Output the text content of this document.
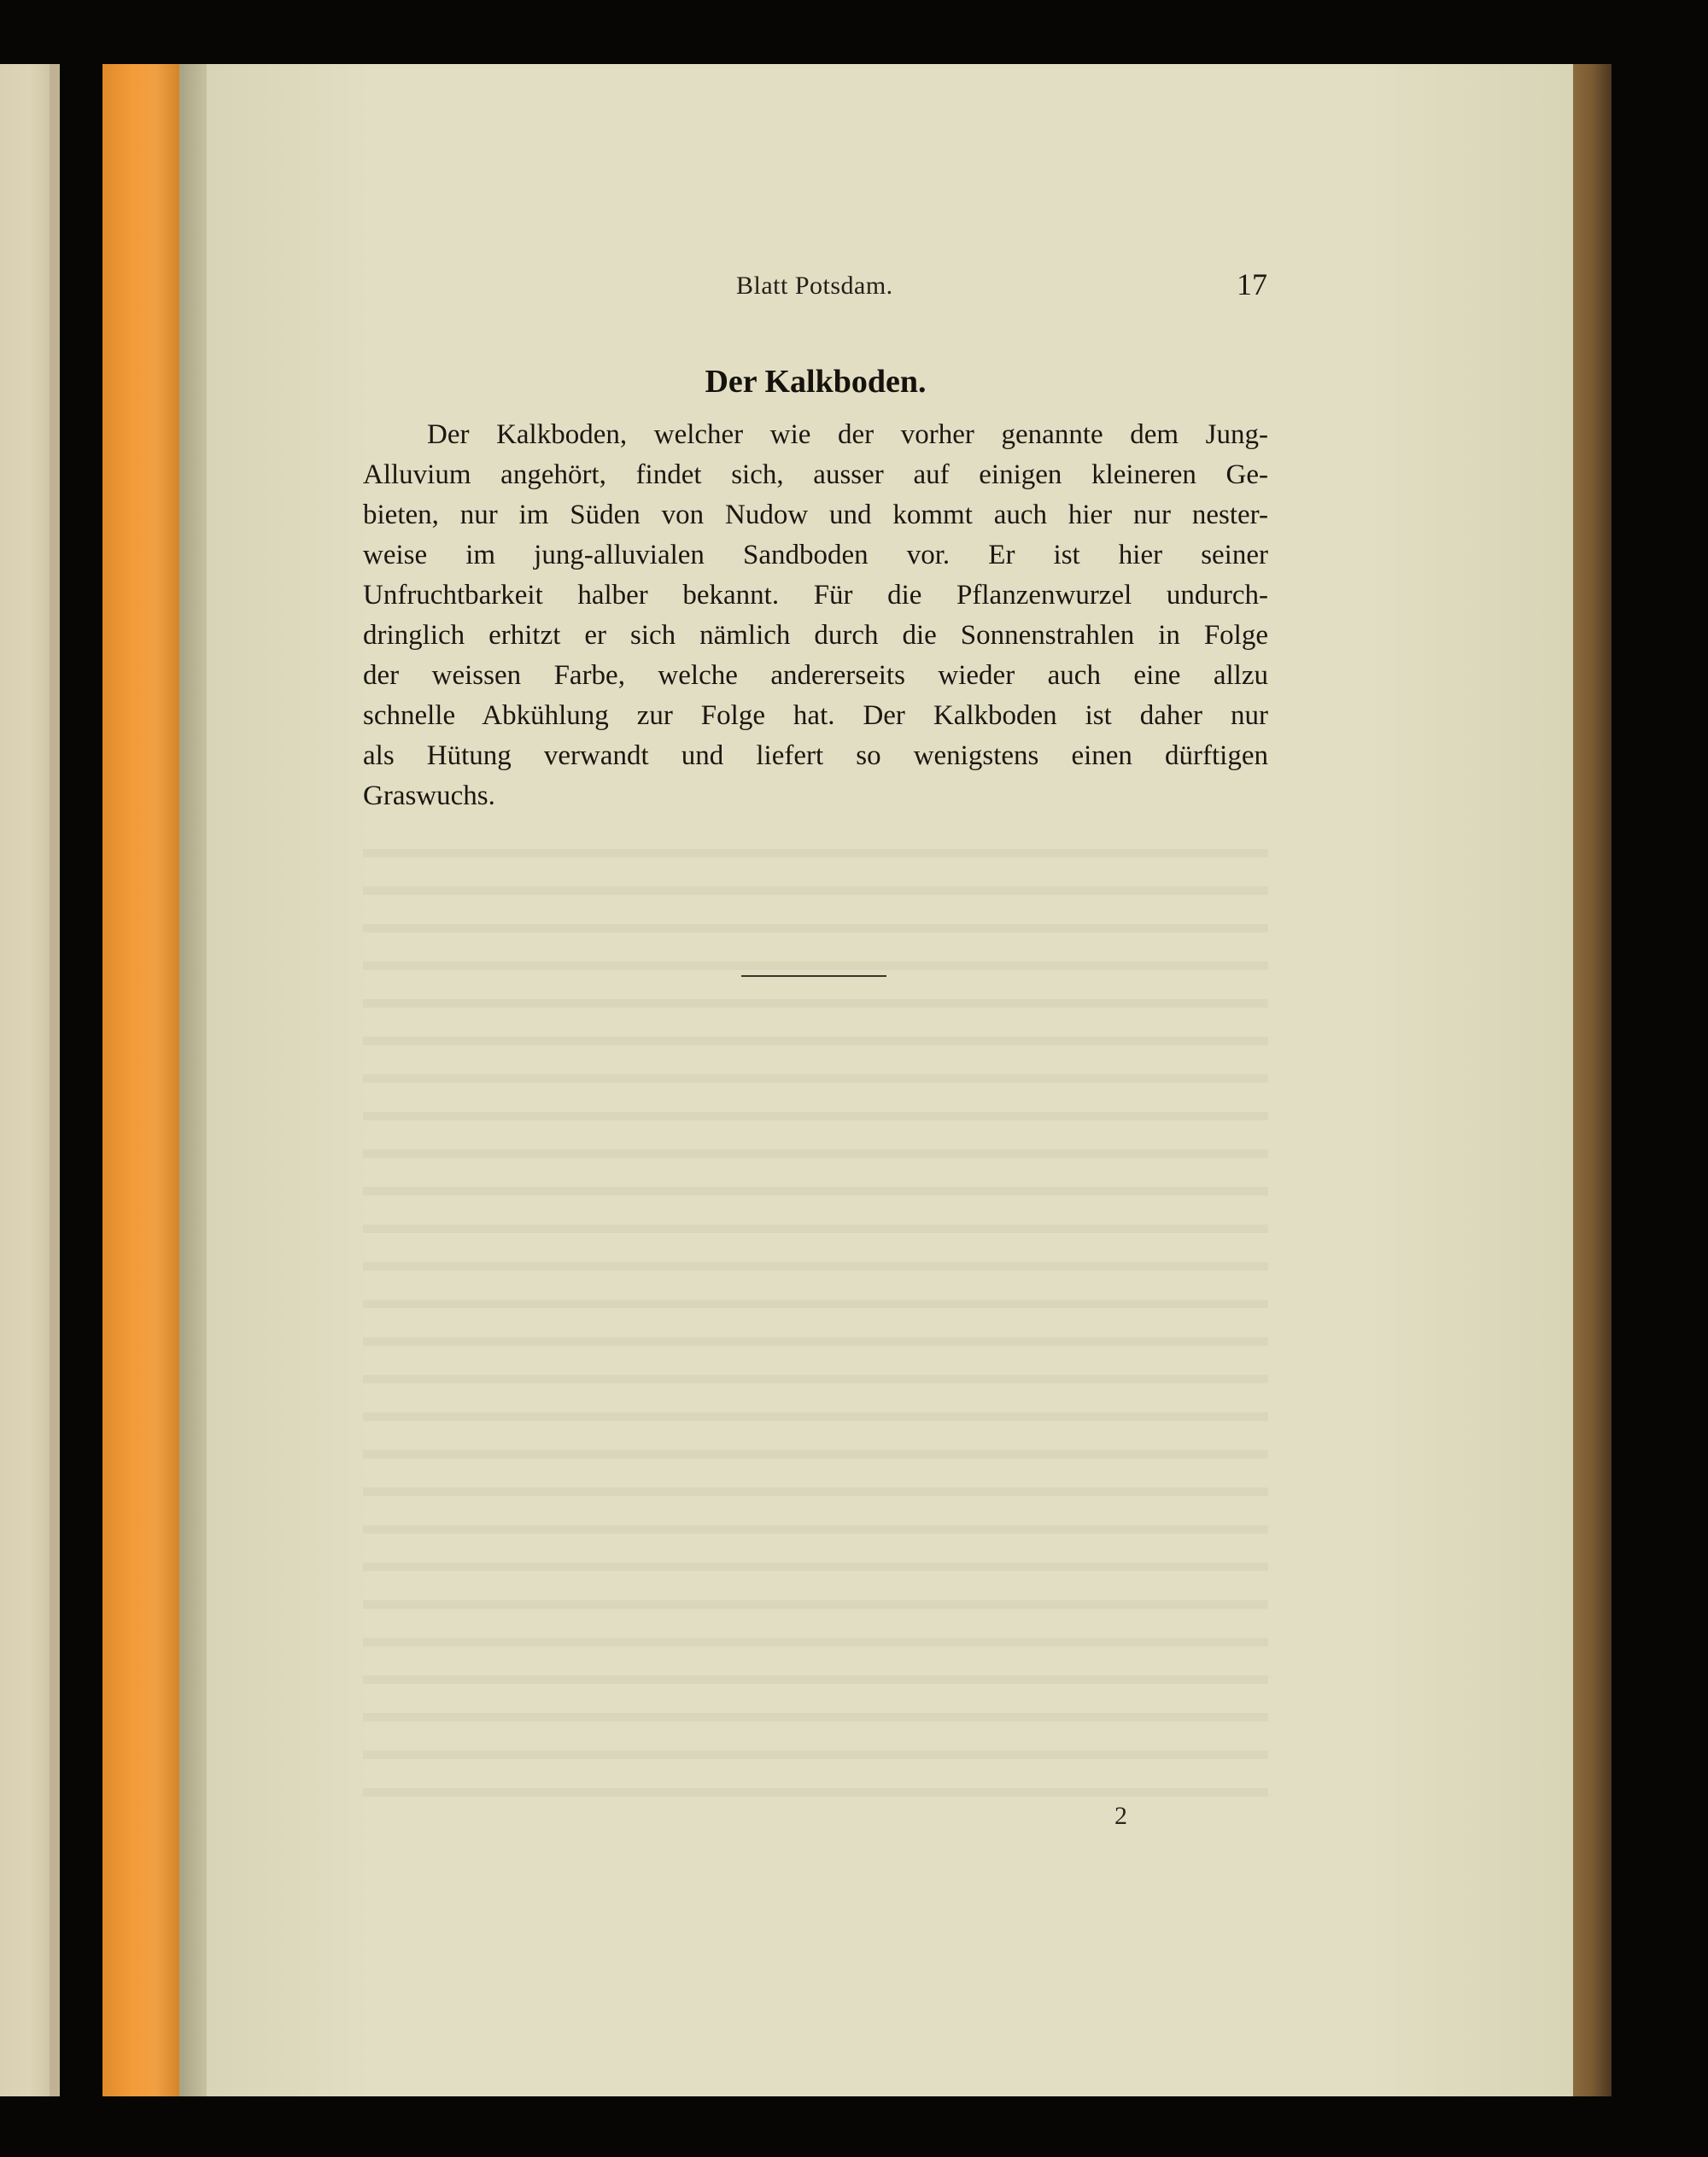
Blatt Potsdam.	17
Der Kalkboden.
Der Kalkboden, welcher wie der vorher genannte dem Jung-
Alluvium angehört, findet sich, ausser auf einigen kleineren Ge-
bieten, nur im Süden von Nudow und kommt auch hier nur nester-
weise im jung-alluvialen Sandboden vor. Er ist hier seiner
Unfruchtbarkeit halber bekannt. Für die Pflanzenwurzel undurch-
dringlich erhitzt er sich nämlich durch die Sonnenstrahlen in Folge
der weissen Farbe, welche andererseits wieder auch eine allzu
schnelle Abkühlung zur Folge hat. Der Kalkboden ist daher nur
als Hütung verwandt und liefert so wenigstens einen dürftigen
Graswuchs.
2
